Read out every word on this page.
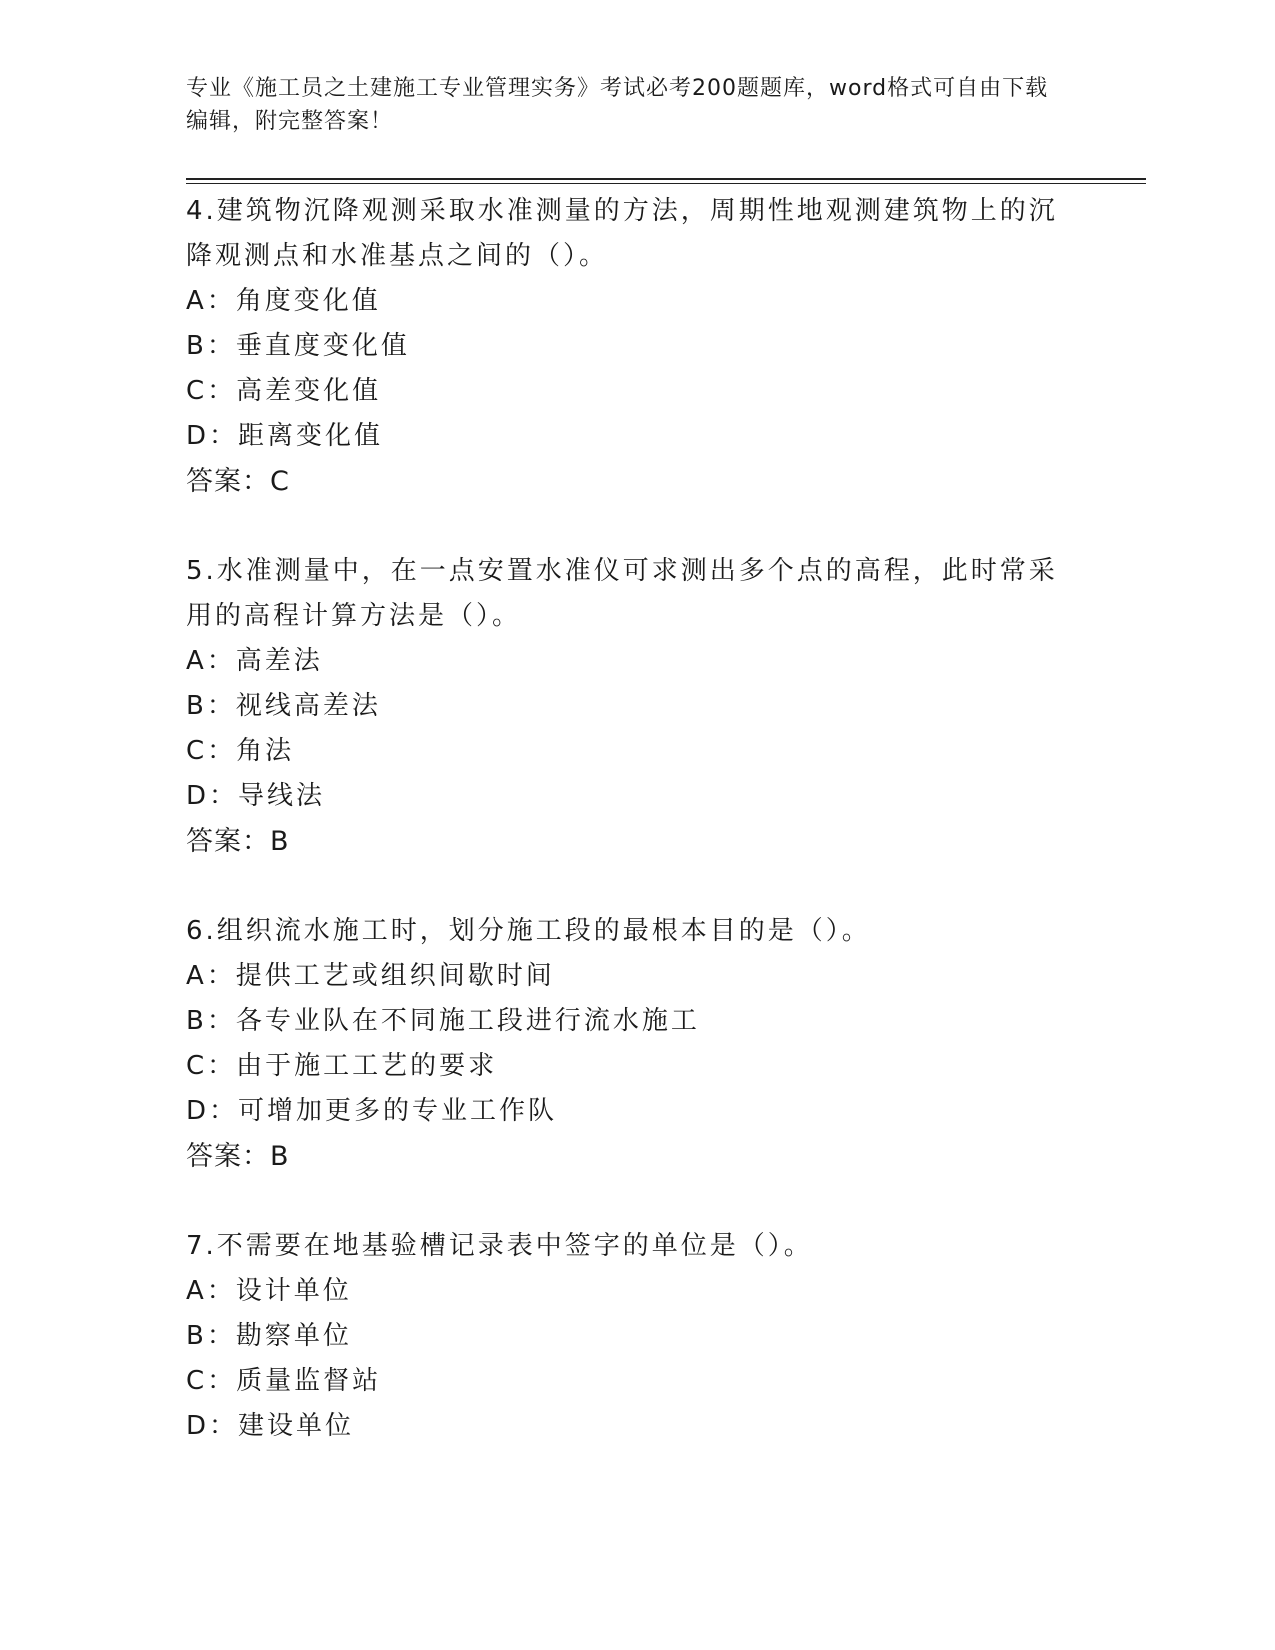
专业《施工员之土建施工专业管理实务》考试必考200题题库，word格式可自由下载编辑，附完整答案！

4.建筑物沉降观测采取水准测量的方法，周期性地观测建筑物上的沉降观测点和水准基点之间的（）。

A：角度变化值

B：垂直度变化值

C：高差变化值

D：距离变化值

答案：C

5.水准测量中，在一点安置水准仪可求测出多个点的高程，此时常采用的高程计算方法是（）。

A：高差法

B：视线高差法

C：角法

D：导线法

答案：B

6.组织流水施工时，划分施工段的最根本目的是（）。

A：提供工艺或组织间歇时间

B：各专业队在不同施工段进行流水施工

C：由于施工工艺的要求

D：可增加更多的专业工作队

答案：B

7.不需要在地基验槽记录表中签字的单位是（）。

A：设计单位

B：勘察单位

C：质量监督站

D：建设单位
